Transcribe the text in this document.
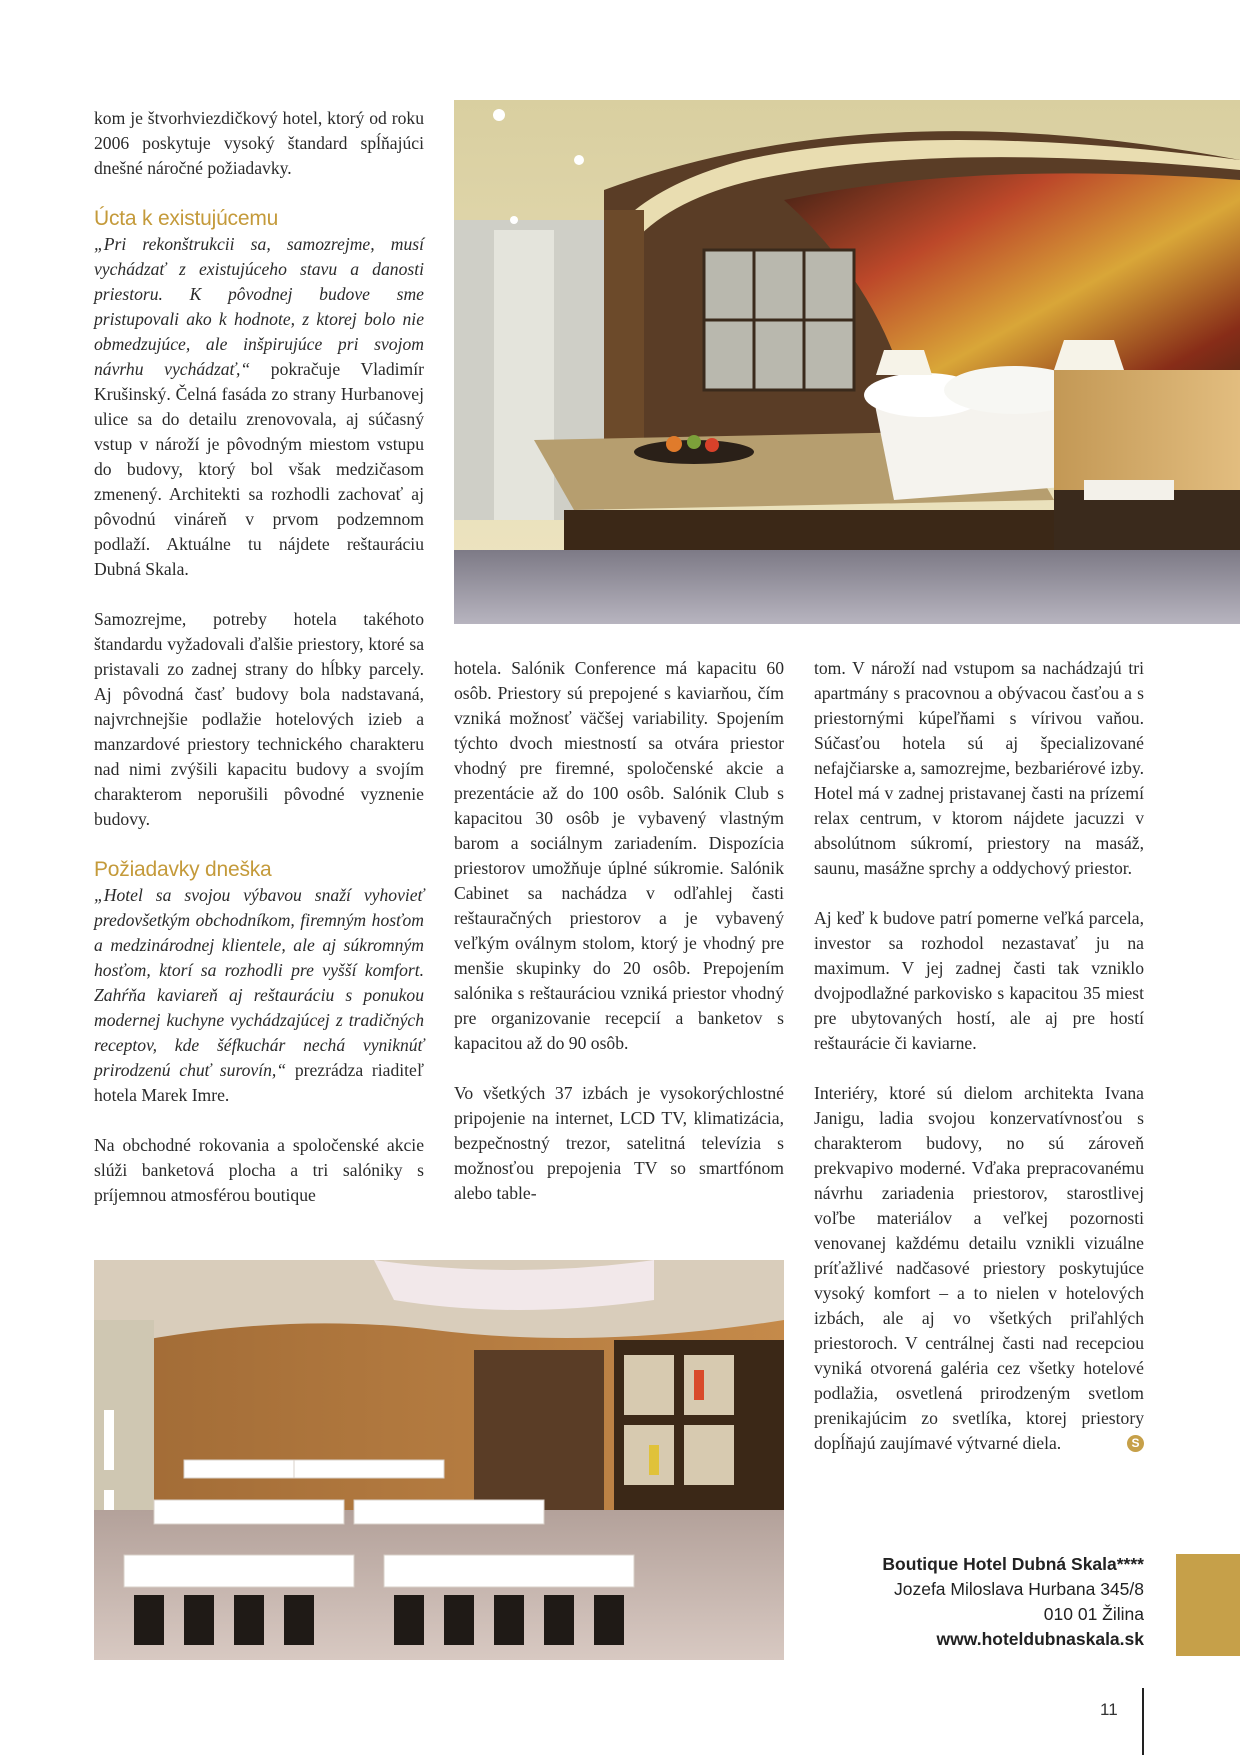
kom je štvorhviezdičkový hotel, ktorý od roku 2006 poskytuje vysoký štandard spĺňajúci dnešné náročné požiadavky.

Úcta k existujúcemu

„Pri rekonštrukcii sa, samozrejme, musí vychádzať z existujúceho stavu a danosti priestoru. K pôvodnej budove sme pristupovali ako k hodnote, z ktorej bolo nie obmedzujúce, ale inšpirujúce pri svojom návrhu vychádzať,“ pokračuje Vladimír Krušinský. Čelná fasáda zo strany Hurbanovej ulice sa do detailu zrenovovala, aj súčasný vstup v nároží je pôvodným miestom vstupu do budovy, ktorý bol však medzičasom zmenený. Architekti sa rozhodli zachovať aj pôvodnú vináreň v prvom podzemnom podlaží. Aktuálne tu nájdete reštauráciu Dubná Skala.

Samozrejme, potreby hotela takéhoto štandardu vyžadovali ďalšie priestory, ktoré sa pristavali zo zadnej strany do hĺbky parcely. Aj pôvodná časť budovy bola nadstavaná, najvrchnejšie podlažie hotelových izieb a manzardové priestory technického charakteru nad nimi zvýšili kapacitu budovy a svojím charakterom neporušili pôvodné vyznenie budovy.

Požiadavky dneška

„Hotel sa svojou výbavou snaží vyhovieť predovšetkým obchodníkom, firemným hosťom a medzinárodnej klientele, ale aj súkromným hosťom, ktorí sa rozhodli pre vyšší komfort. Zahŕňa kaviareň aj reštauráciu s ponukou modernej kuchyne vychádzajúcej z tradičných receptov, kde šéfkuchár nechá vyniknúť prirodzenú chuť surovín,“ prezrádza riaditeľ hotela Marek Imre.

Na obchodné rokovania a spoločenské akcie slúži banketová plocha a tri salóniky s príjemnou atmosférou boutique

hotela. Salónik Conference má kapacitu 60 osôb. Priestory sú prepojené s kaviarňou, čím vzniká možnosť väčšej variability. Spojením týchto dvoch miestností sa otvára priestor vhodný pre firemné, spoločenské akcie a prezentácie až do 100 osôb. Salónik Club s kapacitou 30 osôb je vybavený vlastným barom a sociálnym zariadením. Dispozícia priestorov umožňuje úplné súkromie. Salónik Cabinet sa nachádza v odľahlej časti reštauračných priestorov a je vybavený veľkým oválnym stolom, ktorý je vhodný pre menšie skupinky do 20 osôb. Prepojením salónika s reštauráciou vzniká priestor vhodný pre organizovanie recepcií a banketov s kapacitou až do 90 osôb.

Vo všetkých 37 izbách je vysokorýchlostné pripojenie na internet, LCD TV, klimatizácia, bezpečnostný trezor, satelitná televízia s možnosťou prepojenia TV so smartfónom alebo table-

tom. V nároží nad vstupom sa nachádzajú tri apartmány s pracovnou a obývacou časťou a s priestornými kúpeľňami s vírivou vaňou. Súčasťou hotela sú aj špecializované nefajčiarske a, samozrejme, bezbariérové izby. Hotel má v zadnej pristavanej časti na prízemí relax centrum, v ktorom nájdete jacuzzi v absolútnom súkromí, priestory na masáž, saunu, masážne sprchy a oddychový priestor.

Aj keď k budove patrí pomerne veľká parcela, investor sa rozhodol nezastavať ju na maximum. V jej zadnej časti tak vzniklo dvojpodlažné parkovisko s kapacitou 35 miest pre ubytovaných hostí, ale aj pre hostí reštaurácie či kaviarne.

Interiéry, ktoré sú dielom architekta Ivana Janigu, ladia svojou konzervatívnosťou s charakterom budovy, no sú zároveň prekvapivo moderné. Vďaka prepracovanému návrhu zariadenia priestorov, starostlivej voľbe materiálov a veľkej pozornosti venovanej každému detailu vznikli vizuálne príťažlivé nadčasové priestory poskytujúce vysoký komfort – a to nielen v hotelových izbách, ale aj vo všetkých priľahlých priestoroch. V centrálnej časti nad recepciou vyniká otvorená galéria cez všetky hotelové podlažia, osvetlená prirodzeným svetlom prenikajúcim zo svetlíka, ktorej priestory dopĺňajú zaujímavé výtvarné diela.	S

Boutique Hotel Dubná Skala****
Jozefa Miloslava Hurbana 345/8
010 01 Žilina
www.hoteldubnaskala.sk
11
